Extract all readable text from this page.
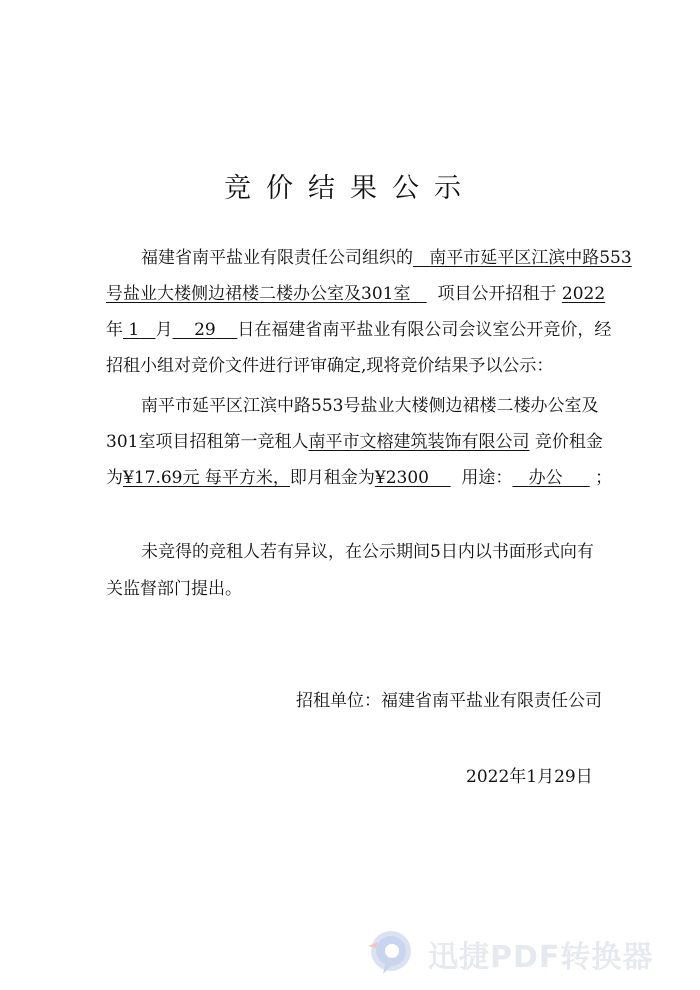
竞价结果公示
福建省南平盐业有限责任公司组织的 南平市延平区江滨中路553
号盐业大楼侧边裙楼二楼办公室及301室 项目公开招租于 2022
年 1 月 29 日在福建省南平盐业有限公司会议室公开竞价，经
招租小组对竞价文件进行评审确定,现将竞价结果予以公示：
南平市延平区江滨中路553号盐业大楼侧边裙楼二楼办公室及
301室项目招租第一竞租人南平市文榕建筑装饰有限公司 竞价租金
为¥17.69元 每平方米，即月租金为¥2300 用途： 办公 ；
未竞得的竞租人若有异议，在公示期间5日内以书面形式向有
关监督部门提出。
招租单位：福建省南平盐业有限责任公司
2022年1月29日
迅捷PDF转换器
